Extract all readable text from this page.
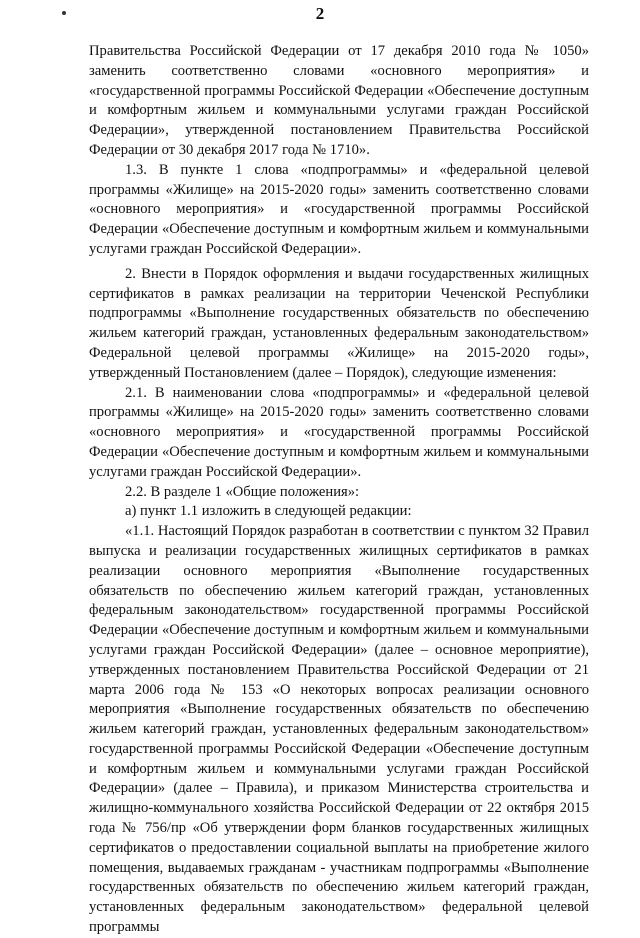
2

Правительства Российской Федерации от 17 декабря 2010 года № 1050» заменить соответственно словами «основного мероприятия» и «государственной программы Российской Федерации «Обеспечение доступным и комфортным жильем и коммунальными услугами граждан Российской Федерации», утвержденной постановлением Правительства Российской Федерации от 30 декабря 2017 года № 1710».

1.3. В пункте 1 слова «подпрограммы» и «федеральной целевой программы «Жилище» на 2015-2020 годы» заменить соответственно словами «основного мероприятия» и «государственной программы Российской Федерации «Обеспечение доступным и комфортным жильем и коммунальными услугами граждан Российской Федерации».

2. Внести в Порядок оформления и выдачи государственных жилищных сертификатов в рамках реализации на территории Чеченской Республики подпрограммы «Выполнение государственных обязательств по обеспечению жильем категорий граждан, установленных федеральным законодательством» Федеральной целевой программы «Жилище» на 2015-2020 годы», утвержденный Постановлением (далее – Порядок), следующие изменения:

2.1. В наименовании слова «подпрограммы» и «федеральной целевой программы «Жилище» на 2015-2020 годы» заменить соответственно словами «основного мероприятия» и «государственной программы Российской Федерации «Обеспечение доступным и комфортным жильем и коммунальными услугами граждан Российской Федерации».

2.2. В разделе 1 «Общие положения»:

а) пункт 1.1 изложить в следующей редакции:

«1.1. Настоящий Порядок разработан в соответствии с пунктом 32 Правил выпуска и реализации государственных жилищных сертификатов в рамках реализации основного мероприятия «Выполнение государственных обязательств по обеспечению жильем категорий граждан, установленных федеральным законодательством» государственной программы Российской Федерации «Обеспечение доступным и комфортным жильем и коммунальными услугами граждан Российской Федерации» (далее – основное мероприятие), утвержденных постановлением Правительства Российской Федерации от 21 марта 2006 года № 153 «О некоторых вопросах реализации основного мероприятия «Выполнение государственных обязательств по обеспечению жильем категорий граждан, установленных федеральным законодательством» государственной программы Российской Федерации «Обеспечение доступным и комфортным жильем и коммунальными услугами граждан Российской Федерации» (далее – Правила), и приказом Министерства строительства и жилищно-коммунального хозяйства Российской Федерации от 22 октября 2015 года № 756/пр «Об утверждении форм бланков государственных жилищных сертификатов о предоставлении социальной выплаты на приобретение жилого помещения, выдаваемых гражданам - участникам подпрограммы «Выполнение государственных обязательств по обеспечению жильем категорий граждан, установленных федеральным законодательством» федеральной целевой программы
